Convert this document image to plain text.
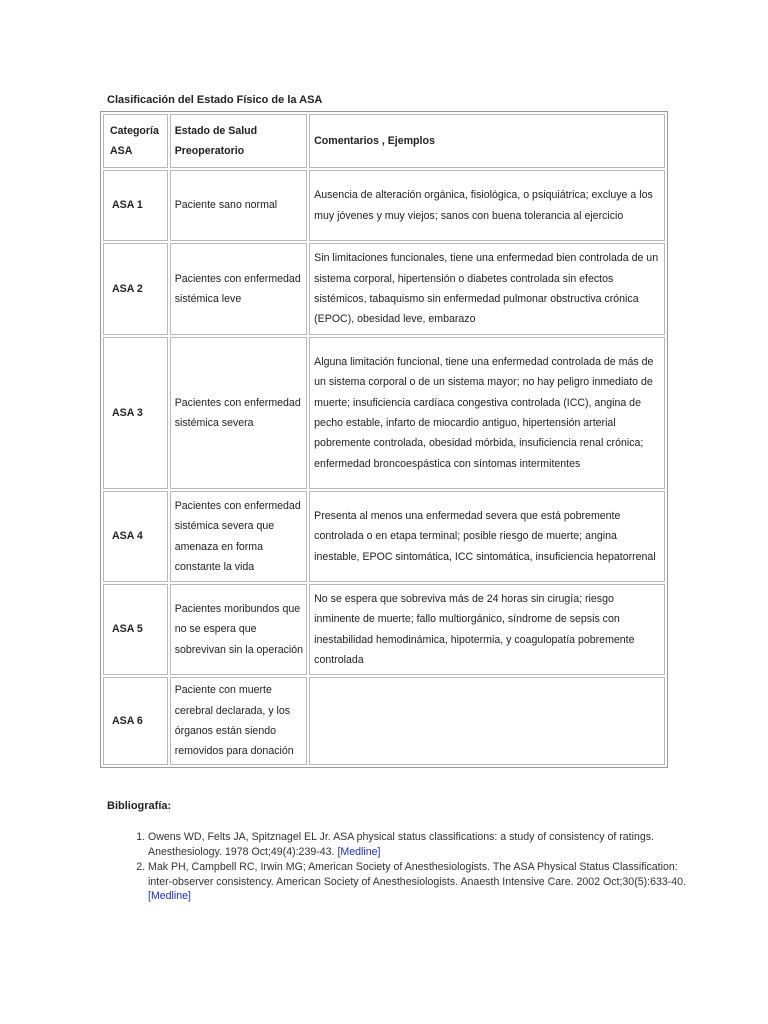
Clasificación del Estado Físico de la ASA
Categoría ASA	Estado de Salud Preoperatorio	Comentarios , Ejemplos
ASA 1	Paciente sano normal	Ausencia de alteración orgánica, fisiológica, o psiquiátrica; excluye a los muy jóvenes y muy viejos; sanos con buena tolerancia al ejercicio
ASA 2	Pacientes con enfermedad sistémica leve	Sin limitaciones funcionales, tiene una enfermedad bien controlada de un sistema corporal, hipertensión o diabetes controlada sin efectos sistémicos, tabaquismo sin enfermedad pulmonar obstructiva crónica (EPOC), obesidad leve, embarazo
ASA 3	Pacientes con enfermedad sistémica severa	Alguna limitación funcional, tiene una enfermedad controlada de más de un sistema corporal o de un sistema mayor; no hay peligro inmediato de muerte; insuficiencia cardíaca congestiva controlada (ICC), angina de pecho estable, infarto de miocardio antiguo, hipertensión arterial pobremente controlada, obesidad mórbida, insuficiencia renal crónica; enfermedad broncoespástica con síntomas intermitentes
ASA 4	Pacientes con enfermedad sistémica severa que amenaza en forma constante la vida	Presenta al menos una enfermedad severa que está pobremente controlada o en etapa terminal; posible riesgo de muerte; angina inestable, EPOC sintomática, ICC sintomática, insuficiencia hepatorrenal
ASA 5	Pacientes moribundos que no se espera que sobrevivan sin la operación	No se espera que sobreviva más de 24 horas sin cirugía; riesgo inminente de muerte; fallo multiorgánico, síndrome de sepsis con inestabilidad hemodinámica, hipotermia, y coagulopatía pobremente controlada
ASA 6	Paciente con muerte cerebral declarada, y los órganos están siendo removidos para donación	
Bibliografía:
1. Owens WD, Felts JA, Spitznagel EL Jr. ASA physical status classifications: a study of consistency of ratings. Anesthesiology. 1978 Oct;49(4):239-43. [Medline]
2. Mak PH, Campbell RC, Irwin MG; American Society of Anesthesiologists. The ASA Physical Status Classification: inter-observer consistency. American Society of Anesthesiologists. Anaesth Intensive Care. 2002 Oct;30(5):633-40. [Medline]
